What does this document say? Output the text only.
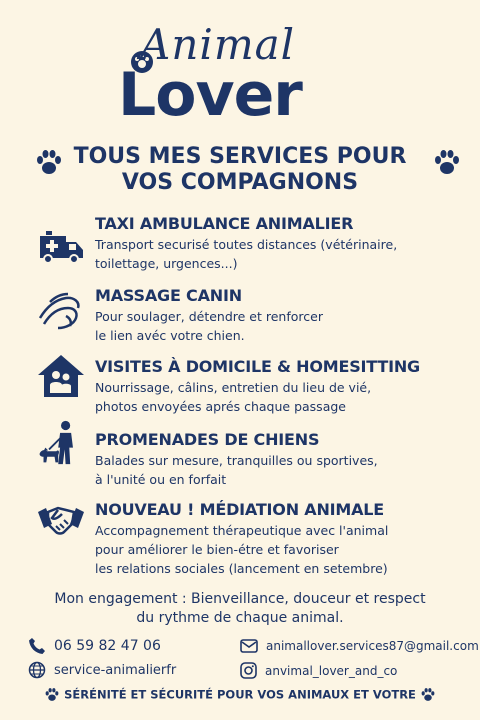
Animal
Lover
TOUS MES SERVICES POUR
VOS COMPAGNONS
TAXI AMBULANCE ANIMALIER
Transport securisé toutes distances (vétérinaire,
toilettage, urgences...)
MASSAGE CANIN
Pour soulager, détendre et renforcer
le lien avéc votre chien.
VISITES À DOMICILE & HOMESITTING
Nourrissage, câlins, entretien du lieu de vié,
photos envoyées aprés chaque passage
PROMENADES DE CHIENS
Balades sur mesure, tranquilles ou sportives,
à l'unité ou en forfait
NOUVEAU ! MÉDIATION ANIMALE
Accompagnement thérapeutique avec l'animal
pour améliorer le bien-étre et favoriser
les relations sociales (lancement en setembre)
Mon engagement : Bienveillance, douceur et respect
du rythme de chaque animal.
06 59 82 47 06	animallover.services87@gmail.com
service-animalierfr	anvimal_lover_and_co
SÉRÉNITÉ ET SÉCURITÉ POUR VOS ANIMAUX ET VOTRE
